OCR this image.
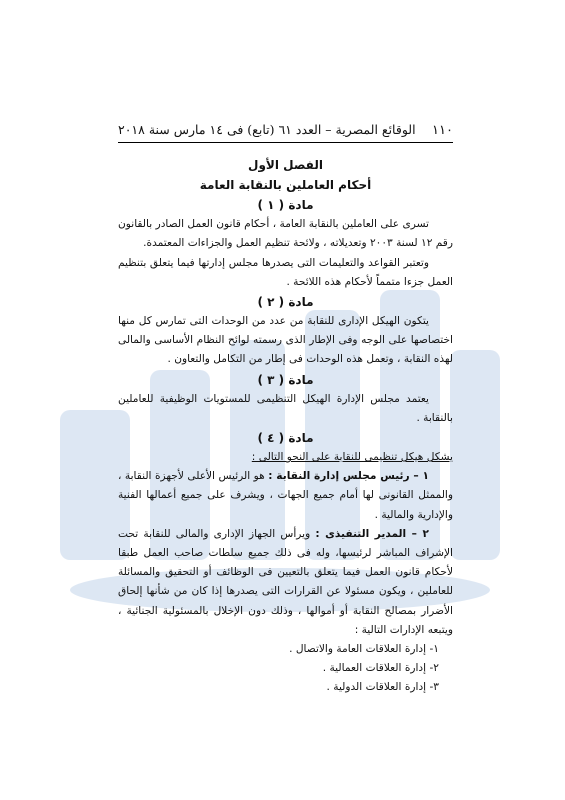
١١٠
الوقائع المصرية – العدد ٦١ (تابع) فى ١٤ مارس سنة ٢٠١٨

الفصل الأول

أحكام العاملين بالنقابة العامة

مادة ( ١ )

تسرى على العاملين بالنقابة العامة ، أحكام قانون العمل الصادر بالقانون رقم ١٢ لسنة ٢٠٠٣ وتعديلاته ، ولائحة تنظيم العمل والجزاءات المعتمدة.

وتعتبر القواعد والتعليمات التى يصدرها مجلس إدارتها فيما يتعلق بتنظيم العمل جزءا متمماً لأحكام هذه اللائحة .

مادة ( ٢ )

يتكون الهيكل الإدارى للنقابة من عدد من الوحدات التى تمارس كل منها اختصاصها على الوجه وفى الإطار الذى رسمته لوائح النظام الأساسى والمالى لهذه النقابة ، وتعمل هذه الوحدات فى إطار من التكامل والتعاون .

مادة ( ٣ )

يعتمد مجلس الإدارة الهيكل التنظيمى للمستويات الوظيفية للعاملين بالنقابة .

مادة ( ٤ )

يشكل هيكل تنظيمى للنقابة على النحو التالى :

١ – رئيس مجلس إدارة النقابة : هو الرئيس الأعلى لأجهزة النقابة ، والممثل القانونى لها أمام جميع الجهات ، ويشرف على جميع أعمالها الفنية والإدارية والمالية .

٢ – المدير التنفيذى : ويرأس الجهاز الإدارى والمالى للنقابة تحت الإشراف المباشر لرئيسها، وله فى ذلك جميع سلطات صاحب العمل طبقا لأحكام قانون العمل فيما يتعلق بالتعيين فى الوظائف أو التحقيق والمسائلة للعاملين ، ويكون مسئولا عن القرارات التى يصدرها إذا كان من شأنها إلحاق الأضرار بمصالح النقابة أو أموالها ، وذلك دون الإخلال بالمسئولية الجنائية ، ويتبعه الإدارات التالية :

١- إدارة العلاقات العامة والاتصال .

٢- إدارة العلاقات العمالية .

٣- إدارة العلاقات الدولية .
